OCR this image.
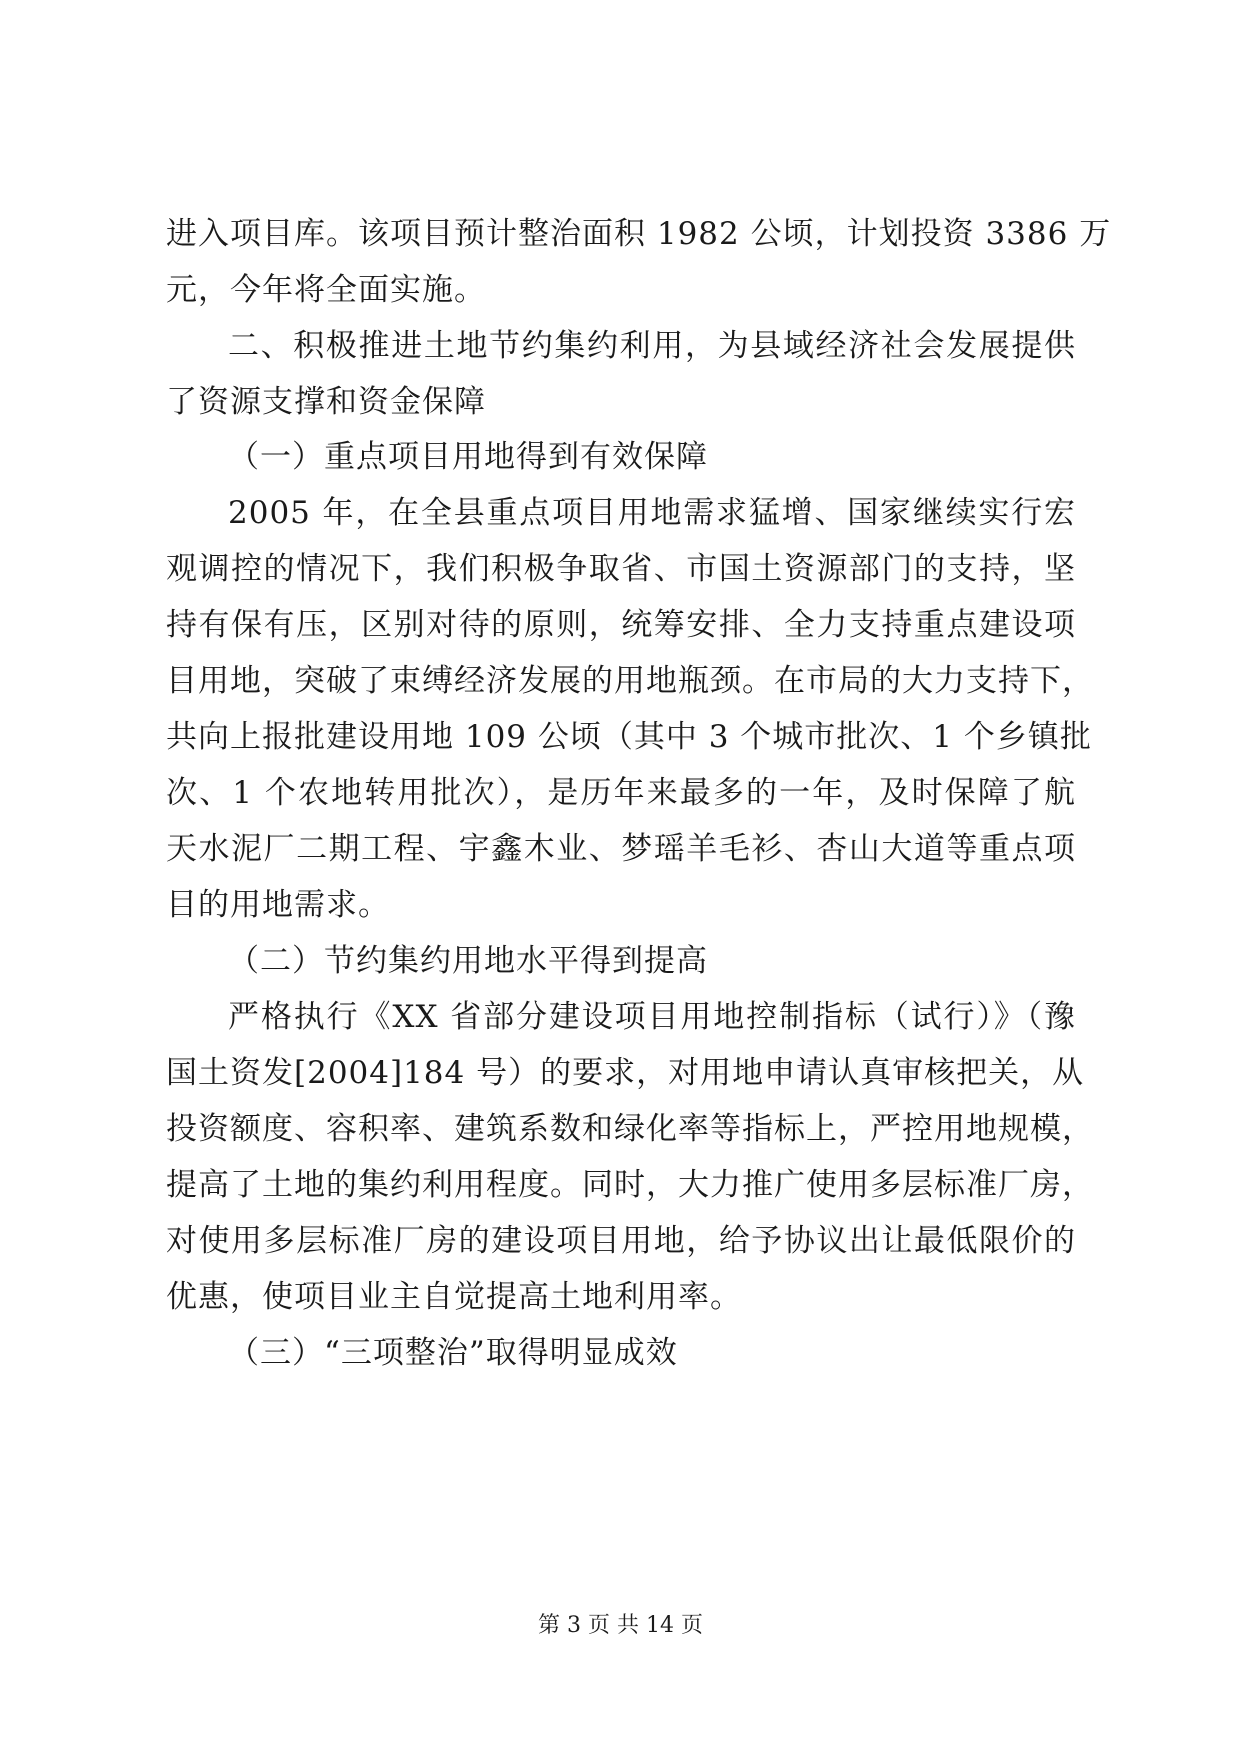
进入项目库。该项目预计整治面积 1982 公顷，计划投资 3386 万
元，今年将全面实施。
二、积极推进土地节约集约利用，为县域经济社会发展提供
了资源支撑和资金保障
（一）重点项目用地得到有效保障
2005 年，在全县重点项目用地需求猛增、国家继续实行宏
观调控的情况下，我们积极争取省、市国土资源部门的支持，坚
持有保有压，区别对待的原则，统筹安排、全力支持重点建设项
目用地，突破了束缚经济发展的用地瓶颈。在市局的大力支持下，
共向上报批建设用地 109 公顷（其中 3 个城市批次、1 个乡镇批
次、1 个农地转用批次），是历年来最多的一年，及时保障了航
天水泥厂二期工程、宇鑫木业、梦瑶羊毛衫、杏山大道等重点项
目的用地需求。
（二）节约集约用地水平得到提高
严格执行《XX 省部分建设项目用地控制指标（试行）》（豫
国土资发[2004]184 号）的要求，对用地申请认真审核把关，从
投资额度、容积率、建筑系数和绿化率等指标上，严控用地规模，
提高了土地的集约利用程度。同时，大力推广使用多层标准厂房，
对使用多层标准厂房的建设项目用地，给予协议出让最低限价的
优惠，使项目业主自觉提高土地利用率。
（三）“三项整治”取得明显成效
第 3 页 共 14 页
